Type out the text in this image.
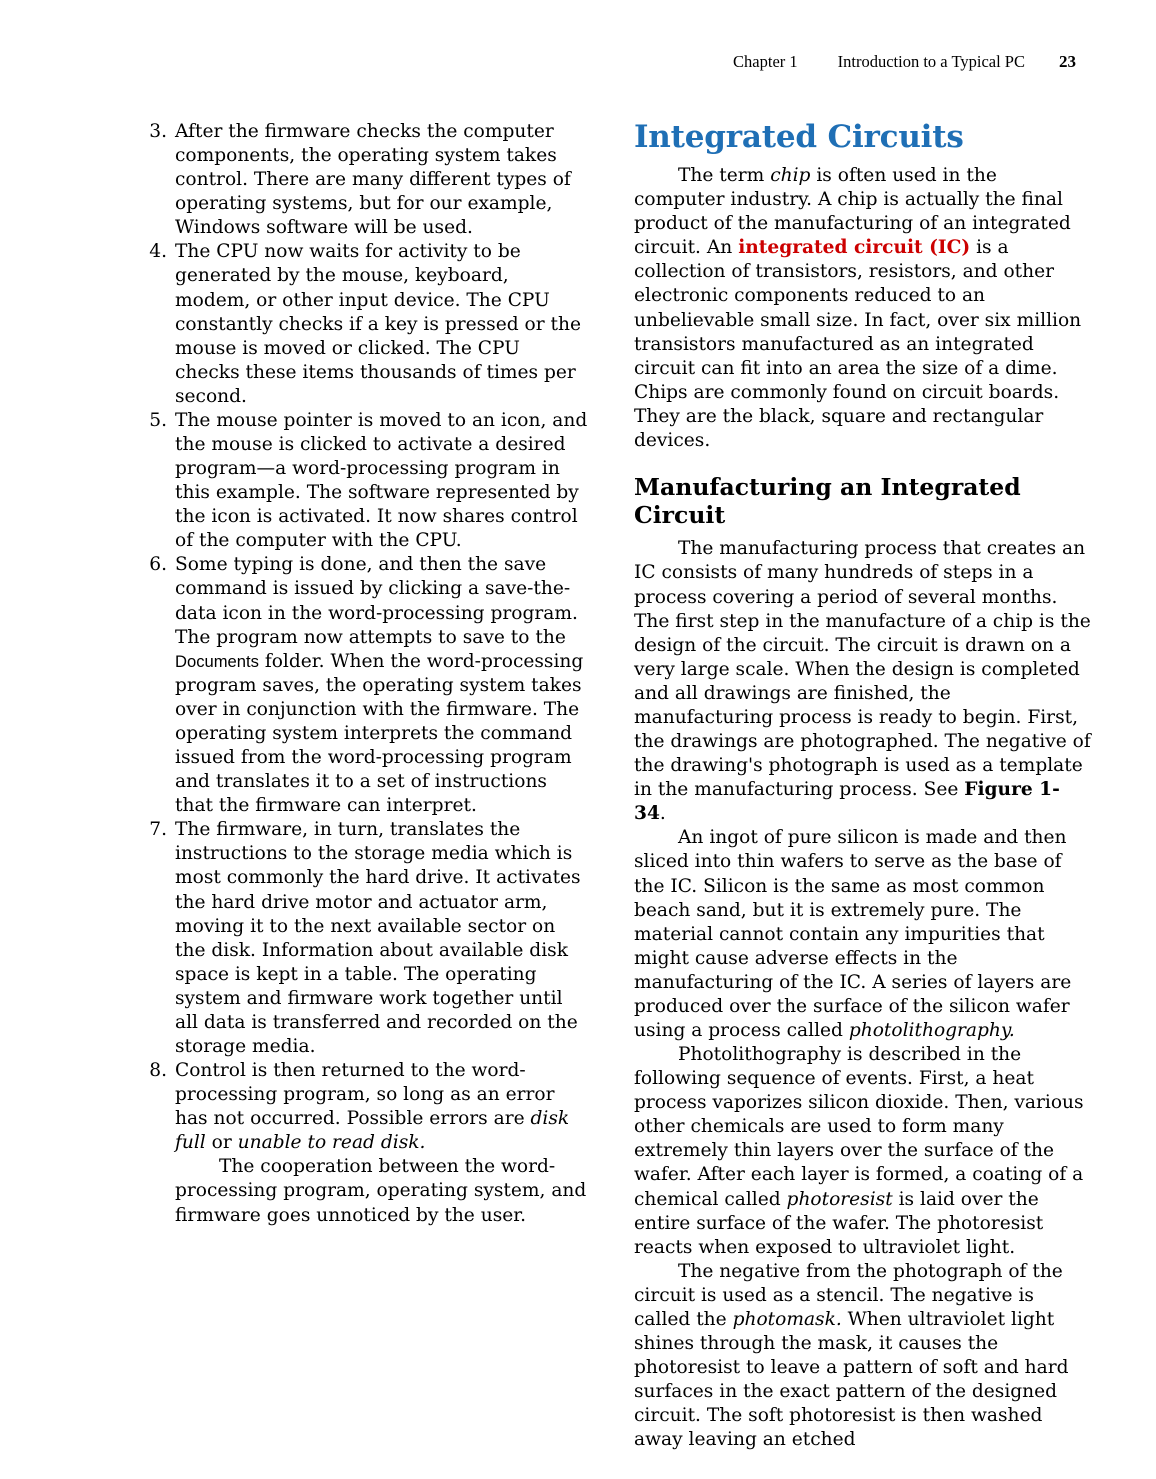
Chapter 1 Introduction to a Typical PC 23
3. After the firmware checks the computer components, the operating system takes control. There are many different types of operating systems, but for our example, Windows software will be used.
4. The CPU now waits for activity to be generated by the mouse, keyboard, modem, or other input device. The CPU constantly checks if a key is pressed or the mouse is moved or clicked. The CPU checks these items thousands of times per second.
5. The mouse pointer is moved to an icon, and the mouse is clicked to activate a desired program—a word-processing program in this example. The software represented by the icon is activated. It now shares control of the computer with the CPU.
6. Some typing is done, and then the save command is issued by clicking a save-the-data icon in the word-processing program. The program now attempts to save to the Documents folder. When the word-processing program saves, the operating system takes over in conjunction with the firmware. The operating system interprets the command issued from the word-processing program and translates it to a set of instructions that the firmware can interpret.
7. The firmware, in turn, translates the instructions to the storage media which is most commonly the hard drive. It activates the hard drive motor and actuator arm, moving it to the next available sector on the disk. Information about available disk space is kept in a table. The operating system and firmware work together until all data is transferred and recorded on the storage media.
8. Control is then returned to the word-processing program, so long as an error has not occurred. Possible errors are disk full or unable to read disk.

The cooperation between the word-processing program, operating system, and firmware goes unnoticed by the user.

Integrated Circuits

The term chip is often used in the computer industry. A chip is actually the final product of the manufacturing of an integrated circuit. An integrated circuit (IC) is a collection of transistors, resistors, and other electronic components reduced to an unbelievable small size. In fact, over six million transistors manufactured as an integrated circuit can fit into an area the size of a dime. Chips are commonly found on circuit boards. They are the black, square and rectangular devices.

Manufacturing an Integrated Circuit

The manufacturing process that creates an IC consists of many hundreds of steps in a process covering a period of several months. The first step in the manufacture of a chip is the design of the circuit. The circuit is drawn on a very large scale. When the design is completed and all drawings are finished, the manufacturing process is ready to begin. First, the drawings are photographed. The negative of the drawing's photograph is used as a template in the manufacturing process. See Figure 1-34.

An ingot of pure silicon is made and then sliced into thin wafers to serve as the base of the IC. Silicon is the same as most common beach sand, but it is extremely pure. The material cannot contain any impurities that might cause adverse effects in the manufacturing of the IC. A series of layers are produced over the surface of the silicon wafer using a process called photolithography.

Photolithography is described in the following sequence of events. First, a heat process vaporizes silicon dioxide. Then, various other chemicals are used to form many extremely thin layers over the surface of the wafer. After each layer is formed, a coating of a chemical called photoresist is laid over the entire surface of the wafer. The photoresist reacts when exposed to ultraviolet light.

The negative from the photograph of the circuit is used as a stencil. The negative is called the photomask. When ultraviolet light shines through the mask, it causes the photoresist to leave a pattern of soft and hard surfaces in the exact pattern of the designed circuit. The soft photoresist is then washed away leaving an etched
